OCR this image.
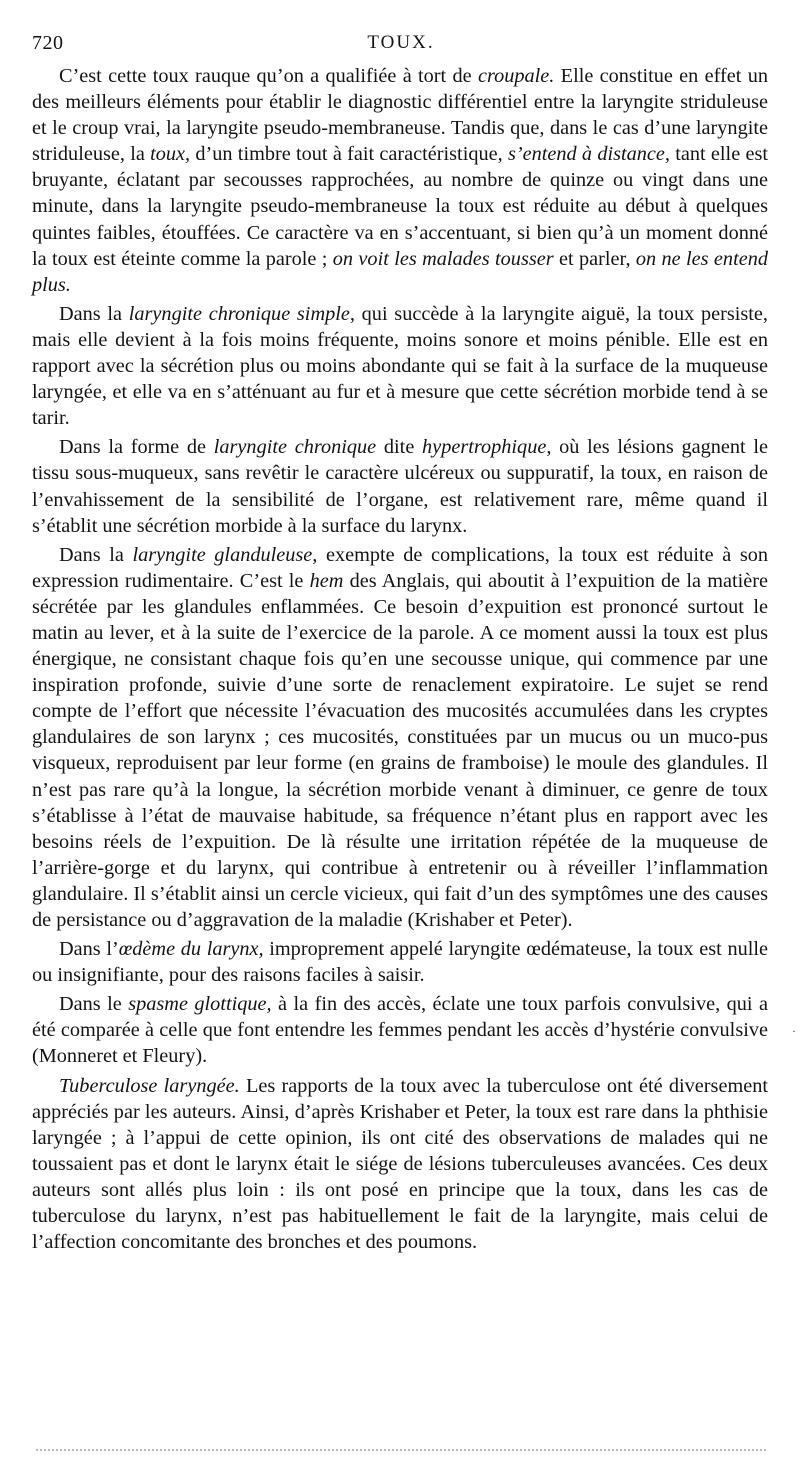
720	TOUX.

C’est cette toux rauque qu’on a qualifiée à tort de croupale. Elle constitue en effet un des meilleurs éléments pour établir le diagnostic différentiel entre la laryngite striduleuse et le croup vrai, la laryngite pseudo-membraneuse. Tandis que, dans le cas d’une laryngite striduleuse, la toux, d’un timbre tout à fait caractéristique, s’entend à distance, tant elle est bruyante, éclatant par secousses rapprochées, au nombre de quinze ou vingt dans une minute, dans la laryngite pseudo-membraneuse la toux est réduite au début à quelques quintes faibles, étouffées. Ce caractère va en s’accentuant, si bien qu’à un moment donné la toux est éteinte comme la parole ; on voit les malades tousser et parler, on ne les entend plus.

Dans la laryngite chronique simple, qui succède à la laryngite aiguë, la toux persiste, mais elle devient à la fois moins fréquente, moins sonore et moins pénible. Elle est en rapport avec la sécrétion plus ou moins abondante qui se fait à la surface de la muqueuse laryngée, et elle va en s’atténuant au fur et à mesure que cette sécrétion morbide tend à se tarir.

Dans la forme de laryngite chronique dite hypertrophique, où les lésions gagnent le tissu sous-muqueux, sans revêtir le caractère ulcéreux ou suppuratif, la toux, en raison de l’envahissement de la sensibilité de l’organe, est relativement rare, même quand il s’établit une sécrétion morbide à la surface du larynx.

Dans la laryngite glanduleuse, exempte de complications, la toux est réduite à son expression rudimentaire. C’est le hem des Anglais, qui aboutit à l’expuition de la matière sécrétée par les glandules enflammées. Ce besoin d’expuition est prononcé surtout le matin au lever, et à la suite de l’exercice de la parole. A ce moment aussi la toux est plus énergique, ne consistant chaque fois qu’en une secousse unique, qui commence par une inspiration profonde, suivie d’une sorte de renaclement expiratoire. Le sujet se rend compte de l’effort que nécessite l’évacuation des mucosités accumulées dans les cryptes glandulaires de son larynx ; ces mucosités, constituées par un mucus ou un muco-pus visqueux, reproduisent par leur forme (en grains de framboise) le moule des glandules. Il n’est pas rare qu’à la longue, la sécrétion morbide venant à diminuer, ce genre de toux s’établisse à l’état de mauvaise habitude, sa fréquence n’étant plus en rapport avec les besoins réels de l’expuition. De là résulte une irritation répétée de la muqueuse de l’arrière-gorge et du larynx, qui contribue à entretenir ou à réveiller l’inflammation glandulaire. Il s’établit ainsi un cercle vicieux, qui fait d’un des symptômes une des causes de persistance ou d’aggravation de la maladie (Krishaber et Peter).

Dans l’œdème du larynx, improprement appelé laryngite œdémateuse, la toux est nulle ou insignifiante, pour des raisons faciles à saisir.

Dans le spasme glottique, à la fin des accès, éclate une toux parfois convulsive, qui a été comparée à celle que font entendre les femmes pendant les accès d’hystérie convulsive (Monneret et Fleury).

Tuberculose laryngée. Les rapports de la toux avec la tuberculose ont été diversement appréciés par les auteurs. Ainsi, d’après Krishaber et Peter, la toux est rare dans la phthisie laryngée ; à l’appui de cette opinion, ils ont cité des observations de malades qui ne toussaient pas et dont le larynx était le siége de lésions tuberculeuses avancées. Ces deux auteurs sont allés plus loin : ils ont posé en principe que la toux, dans les cas de tuberculose du larynx, n’est pas habituellement le fait de la laryngite, mais celui de l’affection concomitante des bronches et des poumons.

·
